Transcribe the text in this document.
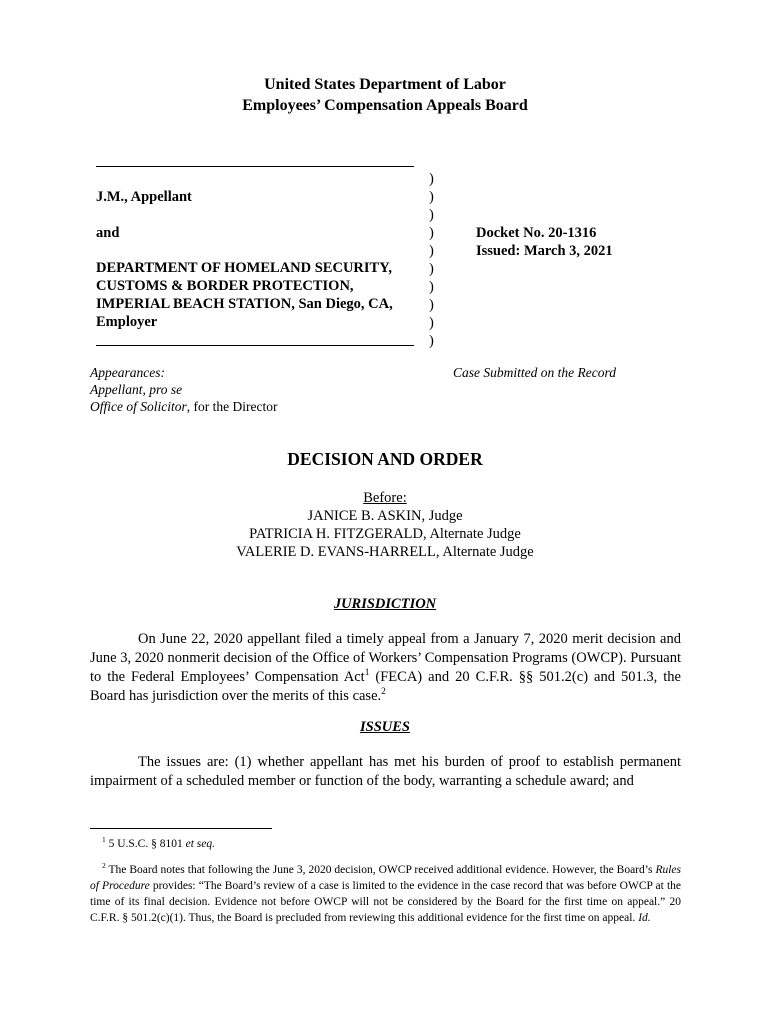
United States Department of Labor
Employees’ Compensation Appeals Board
J.M., Appellant
and
DEPARTMENT OF HOMELAND SECURITY,
CUSTOMS & BORDER PROTECTION,
IMPERIAL BEACH STATION, San Diego, CA,
Employer
)
)
)
)
)
)
)
)
)
)
Docket No. 20-1316
Issued: March 3, 2021
Appearances:
Appellant, pro se
Office of Solicitor, for the Director
Case Submitted on the Record
DECISION AND ORDER
Before:
JANICE B. ASKIN, Judge
PATRICIA H. FITZGERALD, Alternate Judge
VALERIE D. EVANS-HARRELL, Alternate Judge
JURISDICTION

On June 22, 2020 appellant filed a timely appeal from a January 7, 2020 merit decision and June 3, 2020 nonmerit decision of the Office of Workers’ Compensation Programs (OWCP). Pursuant to the Federal Employees’ Compensation Act$^1$ (FECA) and 20 C.F.R. §§ 501.2(c) and 501.3, the Board has jurisdiction over the merits of this case.$^2$

ISSUES

The issues are: (1) whether appellant has met his burden of proof to establish permanent impairment of a scheduled member or function of the body, warranting a schedule award; and

$^1$ 5 U.S.C. § 8101 et seq.
$^2$ The Board notes that following the June 3, 2020 decision, OWCP received additional evidence. However, the Board’s Rules of Procedure provides: “The Board’s review of a case is limited to the evidence in the case record that was before OWCP at the time of its final decision. Evidence not before OWCP will not be considered by the Board for the first time on appeal.” 20 C.F.R. § 501.2(c)(1). Thus, the Board is precluded from reviewing this additional evidence for the first time on appeal. Id.
